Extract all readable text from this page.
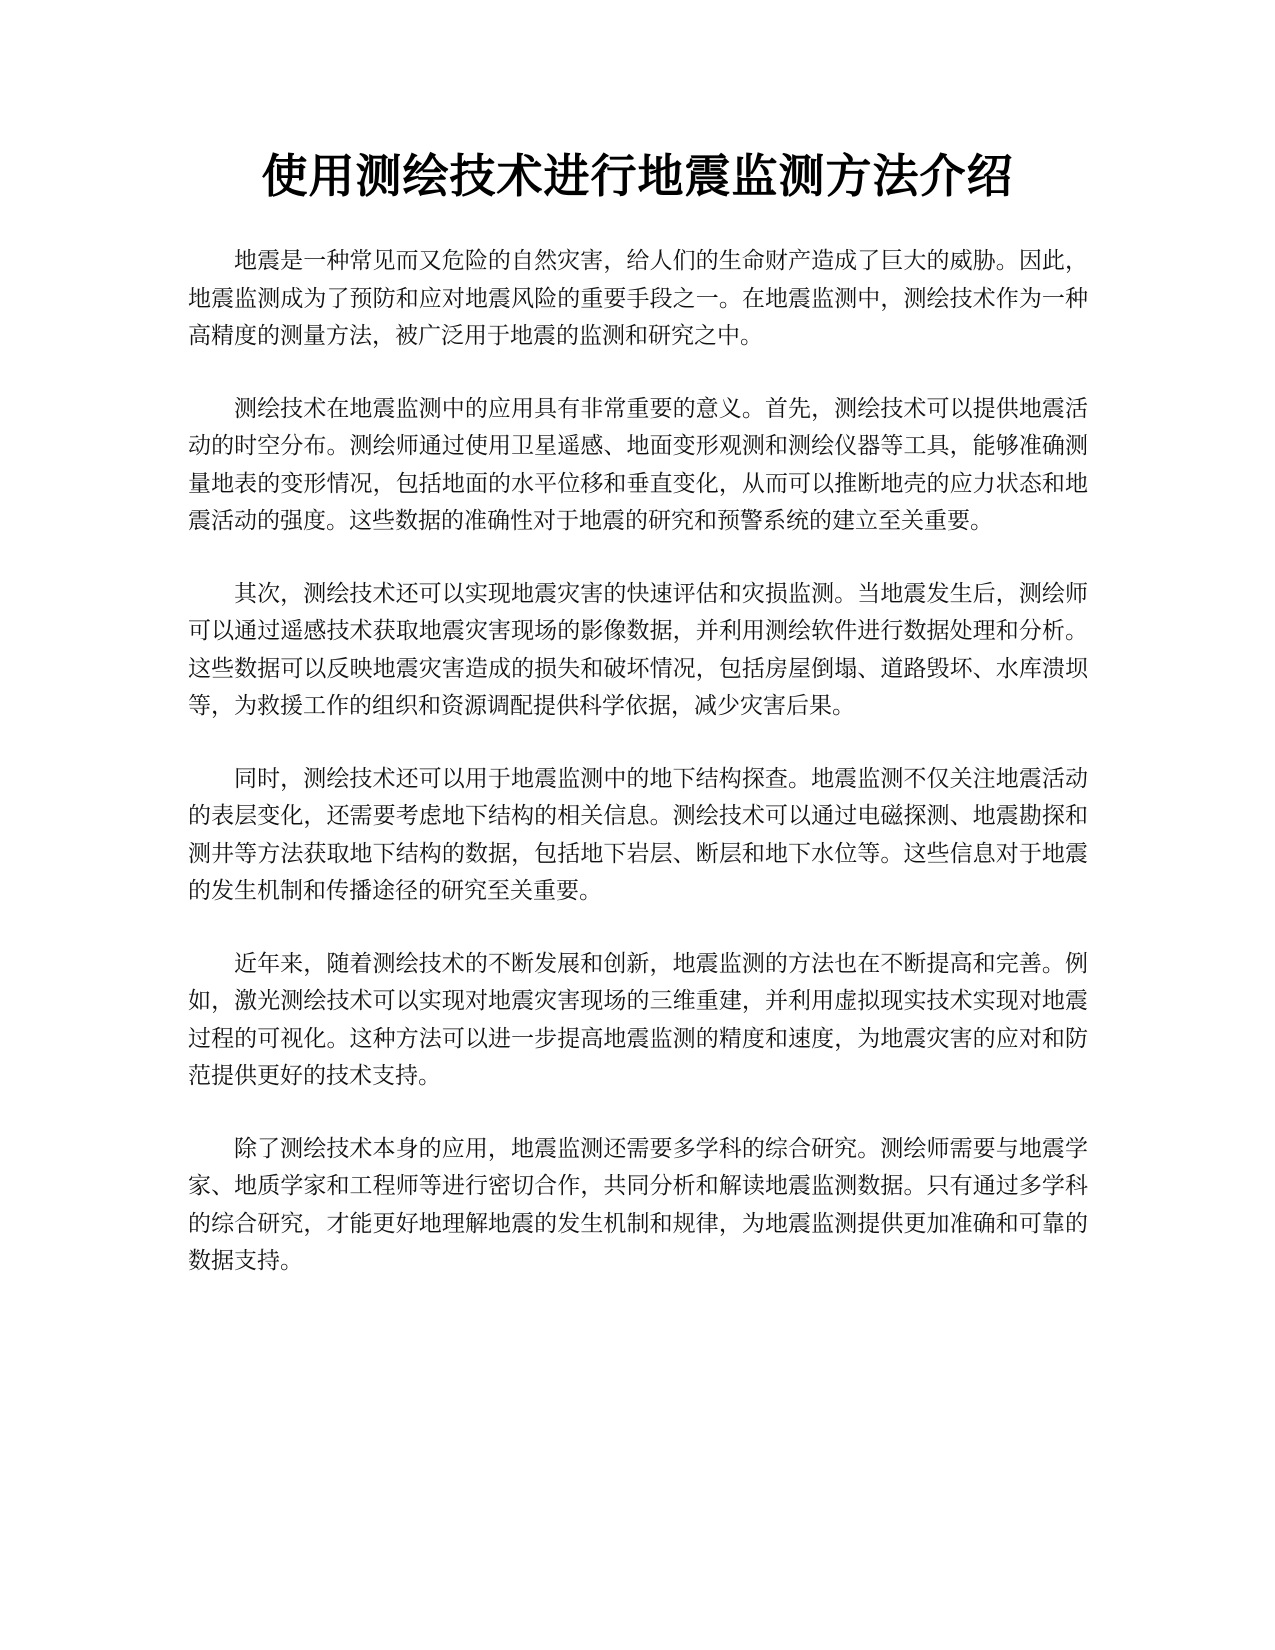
使用测绘技术进行地震监测方法介绍

地震是一种常见而又危险的自然灾害，给人们的生命财产造成了巨大的威胁。因此，地震监测成为了预防和应对地震风险的重要手段之一。在地震监测中，测绘技术作为一种高精度的测量方法，被广泛用于地震的监测和研究之中。

测绘技术在地震监测中的应用具有非常重要的意义。首先，测绘技术可以提供地震活动的时空分布。测绘师通过使用卫星遥感、地面变形观测和测绘仪器等工具，能够准确测量地表的变形情况，包括地面的水平位移和垂直变化，从而可以推断地壳的应力状态和地震活动的强度。这些数据的准确性对于地震的研究和预警系统的建立至关重要。

其次，测绘技术还可以实现地震灾害的快速评估和灾损监测。当地震发生后，测绘师可以通过遥感技术获取地震灾害现场的影像数据，并利用测绘软件进行数据处理和分析。这些数据可以反映地震灾害造成的损失和破坏情况，包括房屋倒塌、道路毁坏、水库溃坝等，为救援工作的组织和资源调配提供科学依据，减少灾害后果。

同时，测绘技术还可以用于地震监测中的地下结构探查。地震监测不仅关注地震活动的表层变化，还需要考虑地下结构的相关信息。测绘技术可以通过电磁探测、地震勘探和测井等方法获取地下结构的数据，包括地下岩层、断层和地下水位等。这些信息对于地震的发生机制和传播途径的研究至关重要。

近年来，随着测绘技术的不断发展和创新，地震监测的方法也在不断提高和完善。例如，激光测绘技术可以实现对地震灾害现场的三维重建，并利用虚拟现实技术实现对地震过程的可视化。这种方法可以进一步提高地震监测的精度和速度，为地震灾害的应对和防范提供更好的技术支持。

除了测绘技术本身的应用，地震监测还需要多学科的综合研究。测绘师需要与地震学家、地质学家和工程师等进行密切合作，共同分析和解读地震监测数据。只有通过多学科的综合研究，才能更好地理解地震的发生机制和规律，为地震监测提供更加准确和可靠的数据支持。
